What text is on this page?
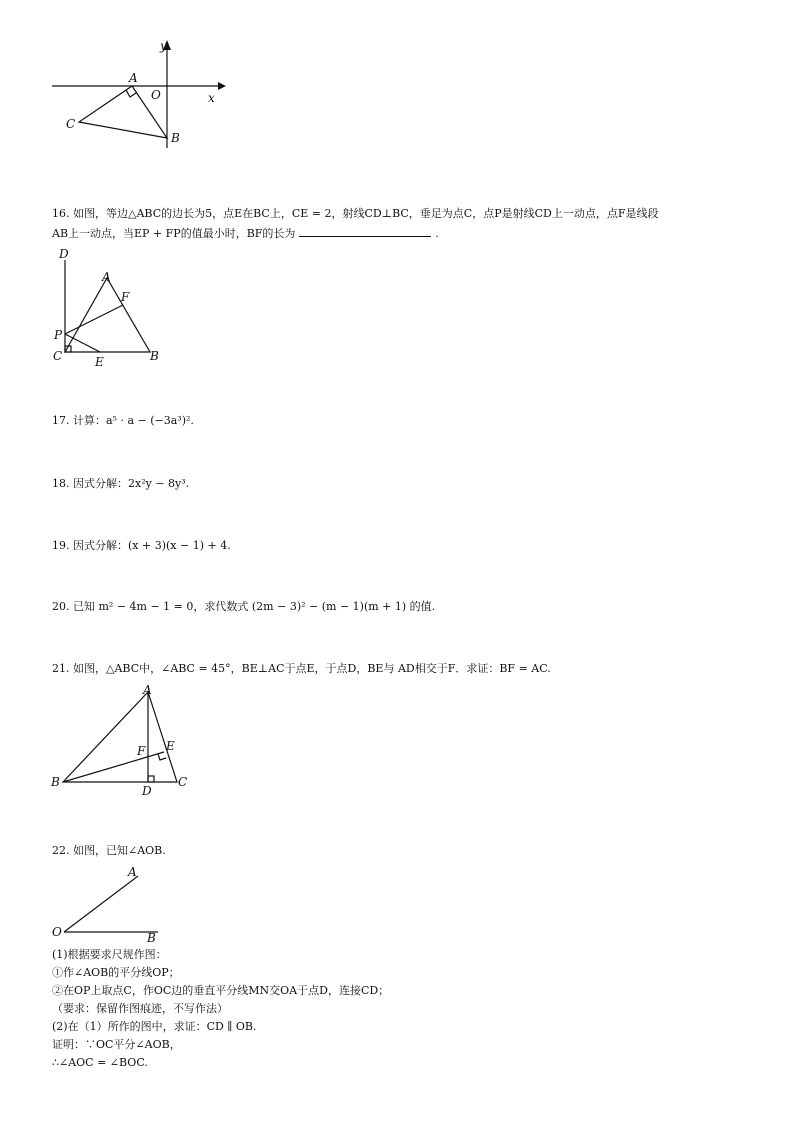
y
x
A
O
C
B
16. 如图，等边△ABC的边长为5，点E在BC上，CE = 2，射线CD⊥BC，垂足为点C，点P是射线CD上一动点，点F是线段
AB上一动点，当EP + FP的值最小时，BF的长为	.
D
A
F
P
C	E	B
17. 计算：a⁵ · a − (−3a³)².
18. 因式分解：2x²y − 8y³.
19. 因式分解：(x + 3)(x − 1) + 4.
20. 已知 m² − 4m − 1 = 0，求代数式 (2m − 3)² − (m − 1)(m + 1) 的值.
21. 如图，△ABC中，∠ABC = 45°，BE⊥AC于点E，于点D，BE与 AD相交于F．求证：BF = AC.
A
F E
B
D
C
22. 如图，已知∠AOB.
A
O	B
(1)根据要求尺规作图：
①作∠AOB的平分线OP；
②在OP上取点C，作OC边的垂直平分线MN交OA于点D，连接CD；
（要求：保留作图痕迹，不写作法）
(2)在（1）所作的图中，求证：CD ∥ OB.
证明：∵OC平分∠AOB，
∴∠AOC = ∠BOC.
